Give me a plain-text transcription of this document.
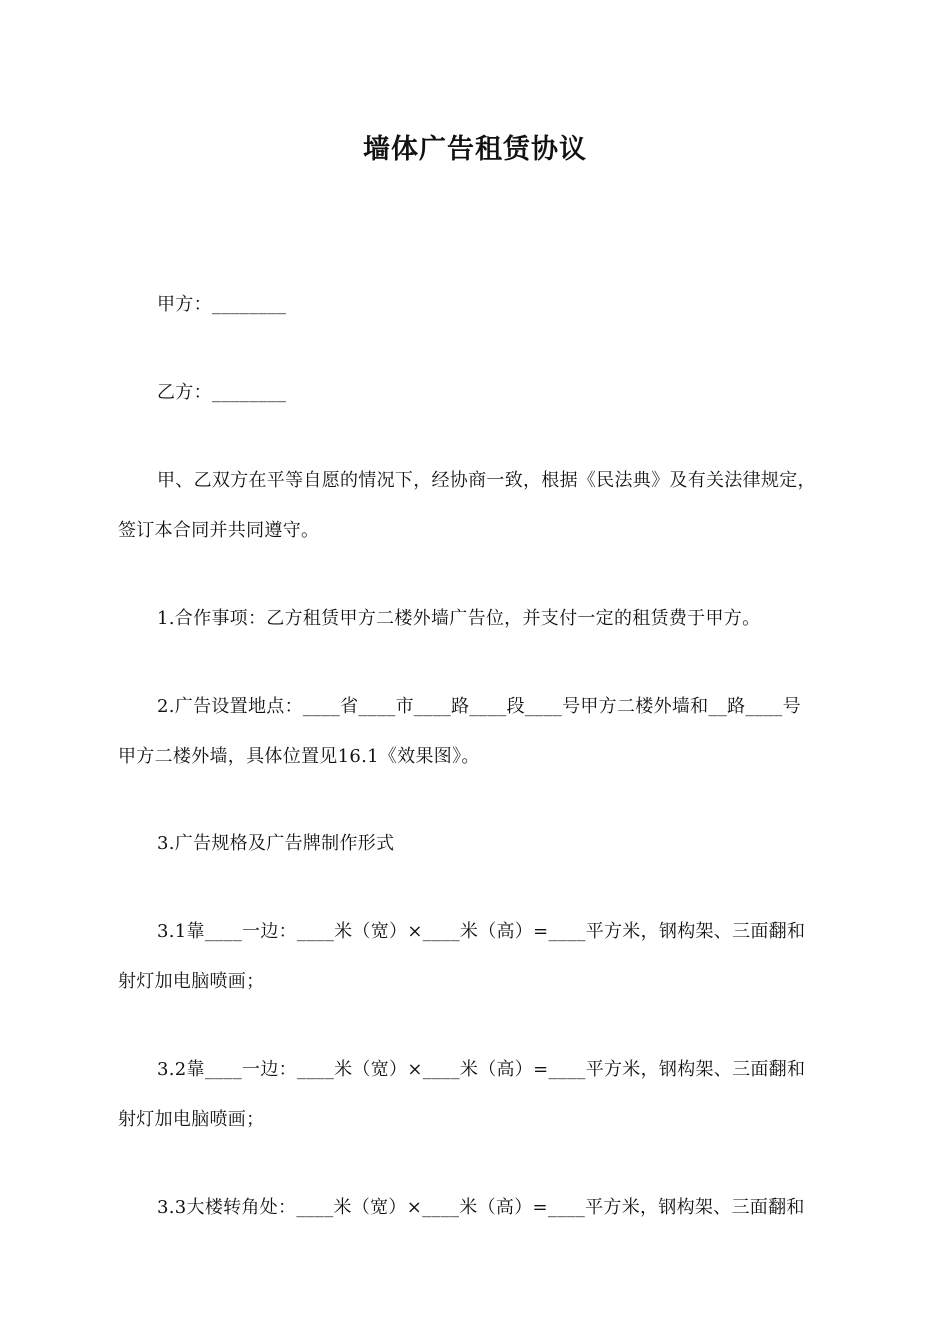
墙体广告租赁协议
甲方：________
乙方：________
甲、乙双方在平等自愿的情况下，经协商一致，根据《民法典》及有关法律规定，
签订本合同并共同遵守。
1.合作事项：乙方租赁甲方二楼外墙广告位，并支付一定的租赁费于甲方。
2.广告设置地点：____省____市____路____段____号甲方二楼外墙和__路____号
甲方二楼外墙，具体位置见16.1《效果图》。
3.广告规格及广告牌制作形式
3.1靠____一边：____米（宽）×____米（高）=____平方米，钢构架、三面翻和
射灯加电脑喷画；
3.2靠____一边：____米（宽）×____米（高）=____平方米，钢构架、三面翻和
射灯加电脑喷画；
3.3大楼转角处：____米（宽）×____米（高）=____平方米，钢构架、三面翻和
